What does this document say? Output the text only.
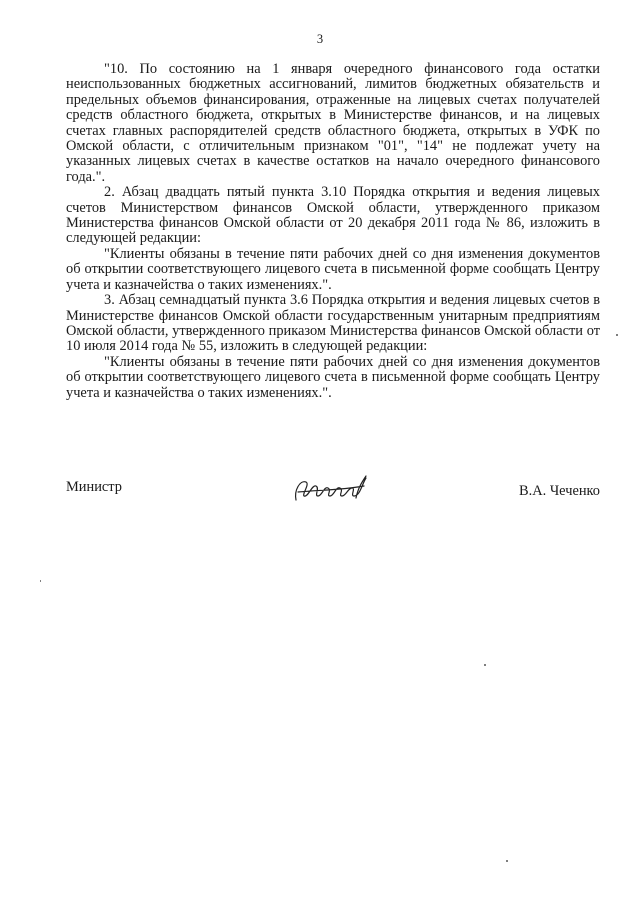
3

"10. По состоянию на 1 января очередного финансового года остатки неиспользованных бюджетных ассигнований, лимитов бюджетных обязательств и предельных объемов финансирования, отраженные на лицевых счетах получателей средств областного бюджета, открытых в Министерстве финансов, и на лицевых счетах главных распорядителей средств областного бюджета, открытых в УФК по Омской области, с отличительным признаком "01", "14" не подлежат учету на указанных лицевых счетах в качестве остатков на начало очередного финансового года.".

2. Абзац двадцать пятый пункта 3.10 Порядка открытия и ведения лицевых счетов Министерством финансов Омской области, утвержденного приказом Министерства финансов Омской области от 20 декабря 2011 года № 86, изложить в следующей редакции:

"Клиенты обязаны в течение пяти рабочих дней со дня изменения документов об открытии соответствующего лицевого счета в письменной форме сообщать Центру учета и казначейства о таких изменениях.".

3. Абзац семнадцатый пункта 3.6 Порядка открытия и ведения лицевых счетов в Министерстве финансов Омской области государственным унитарным предприятиям Омской области, утвержденного приказом Министерства финансов Омской области от 10 июля 2014 года № 55, изложить в следующей редакции:

"Клиенты обязаны в течение пяти рабочих дней со дня изменения документов об открытии соответствующего лицевого счета в письменной форме сообщать Центру учета и казначейства о таких изменениях.".

Министр	В.А. Чеченко
